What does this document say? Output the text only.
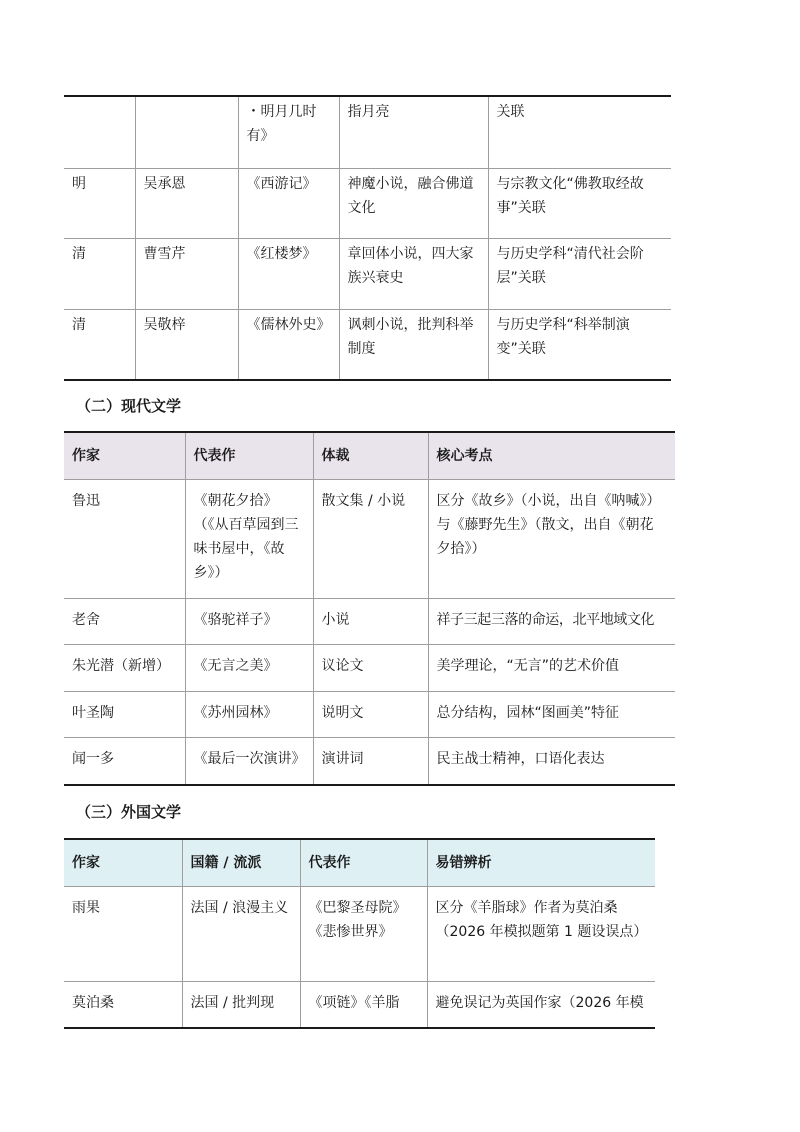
		・明月几时有》	指月亮	关联
明	吴承恩	《西游记》	神魔小说，融合佛道文化	与宗教文化“佛教取经故事”关联
清	曹雪芹	《红楼梦》	章回体小说，四大家族兴衰史	与历史学科“清代社会阶层”关联
清	吴敬梓	《儒林外史》	讽刺小说，批判科举制度	与历史学科“科举制演变”关联
（二）现代文学
作家	代表作	体裁	核心考点
鲁迅	《朝花夕拾》（《从百草园到三味书屋中，《故乡》）	散文集 / 小说	区分《故乡》（小说，出自《呐喊》）与《藤野先生》（散文，出自《朝花夕拾》）
老舍	《骆驼祥子》	小说	祥子三起三落的命运，北平地域文化
朱光潜（新增）	《无言之美》	议论文	美学理论，“无言”的艺术价值
叶圣陶	《苏州园林》	说明文	总分结构，园林“图画美”特征
闻一多	《最后一次演讲》	演讲词	民主战士精神，口语化表达
（三）外国文学
作家	国籍 / 流派	代表作	易错辨析
雨果	法国 / 浪漫主义	《巴黎圣母院》《悲惨世界》	区分《羊脂球》作者为莫泊桑（2026 年模拟题第 1 题设误点）
莫泊桑	法国 / 批判现	《项链》《羊脂	避免误记为英国作家（2026 年模
